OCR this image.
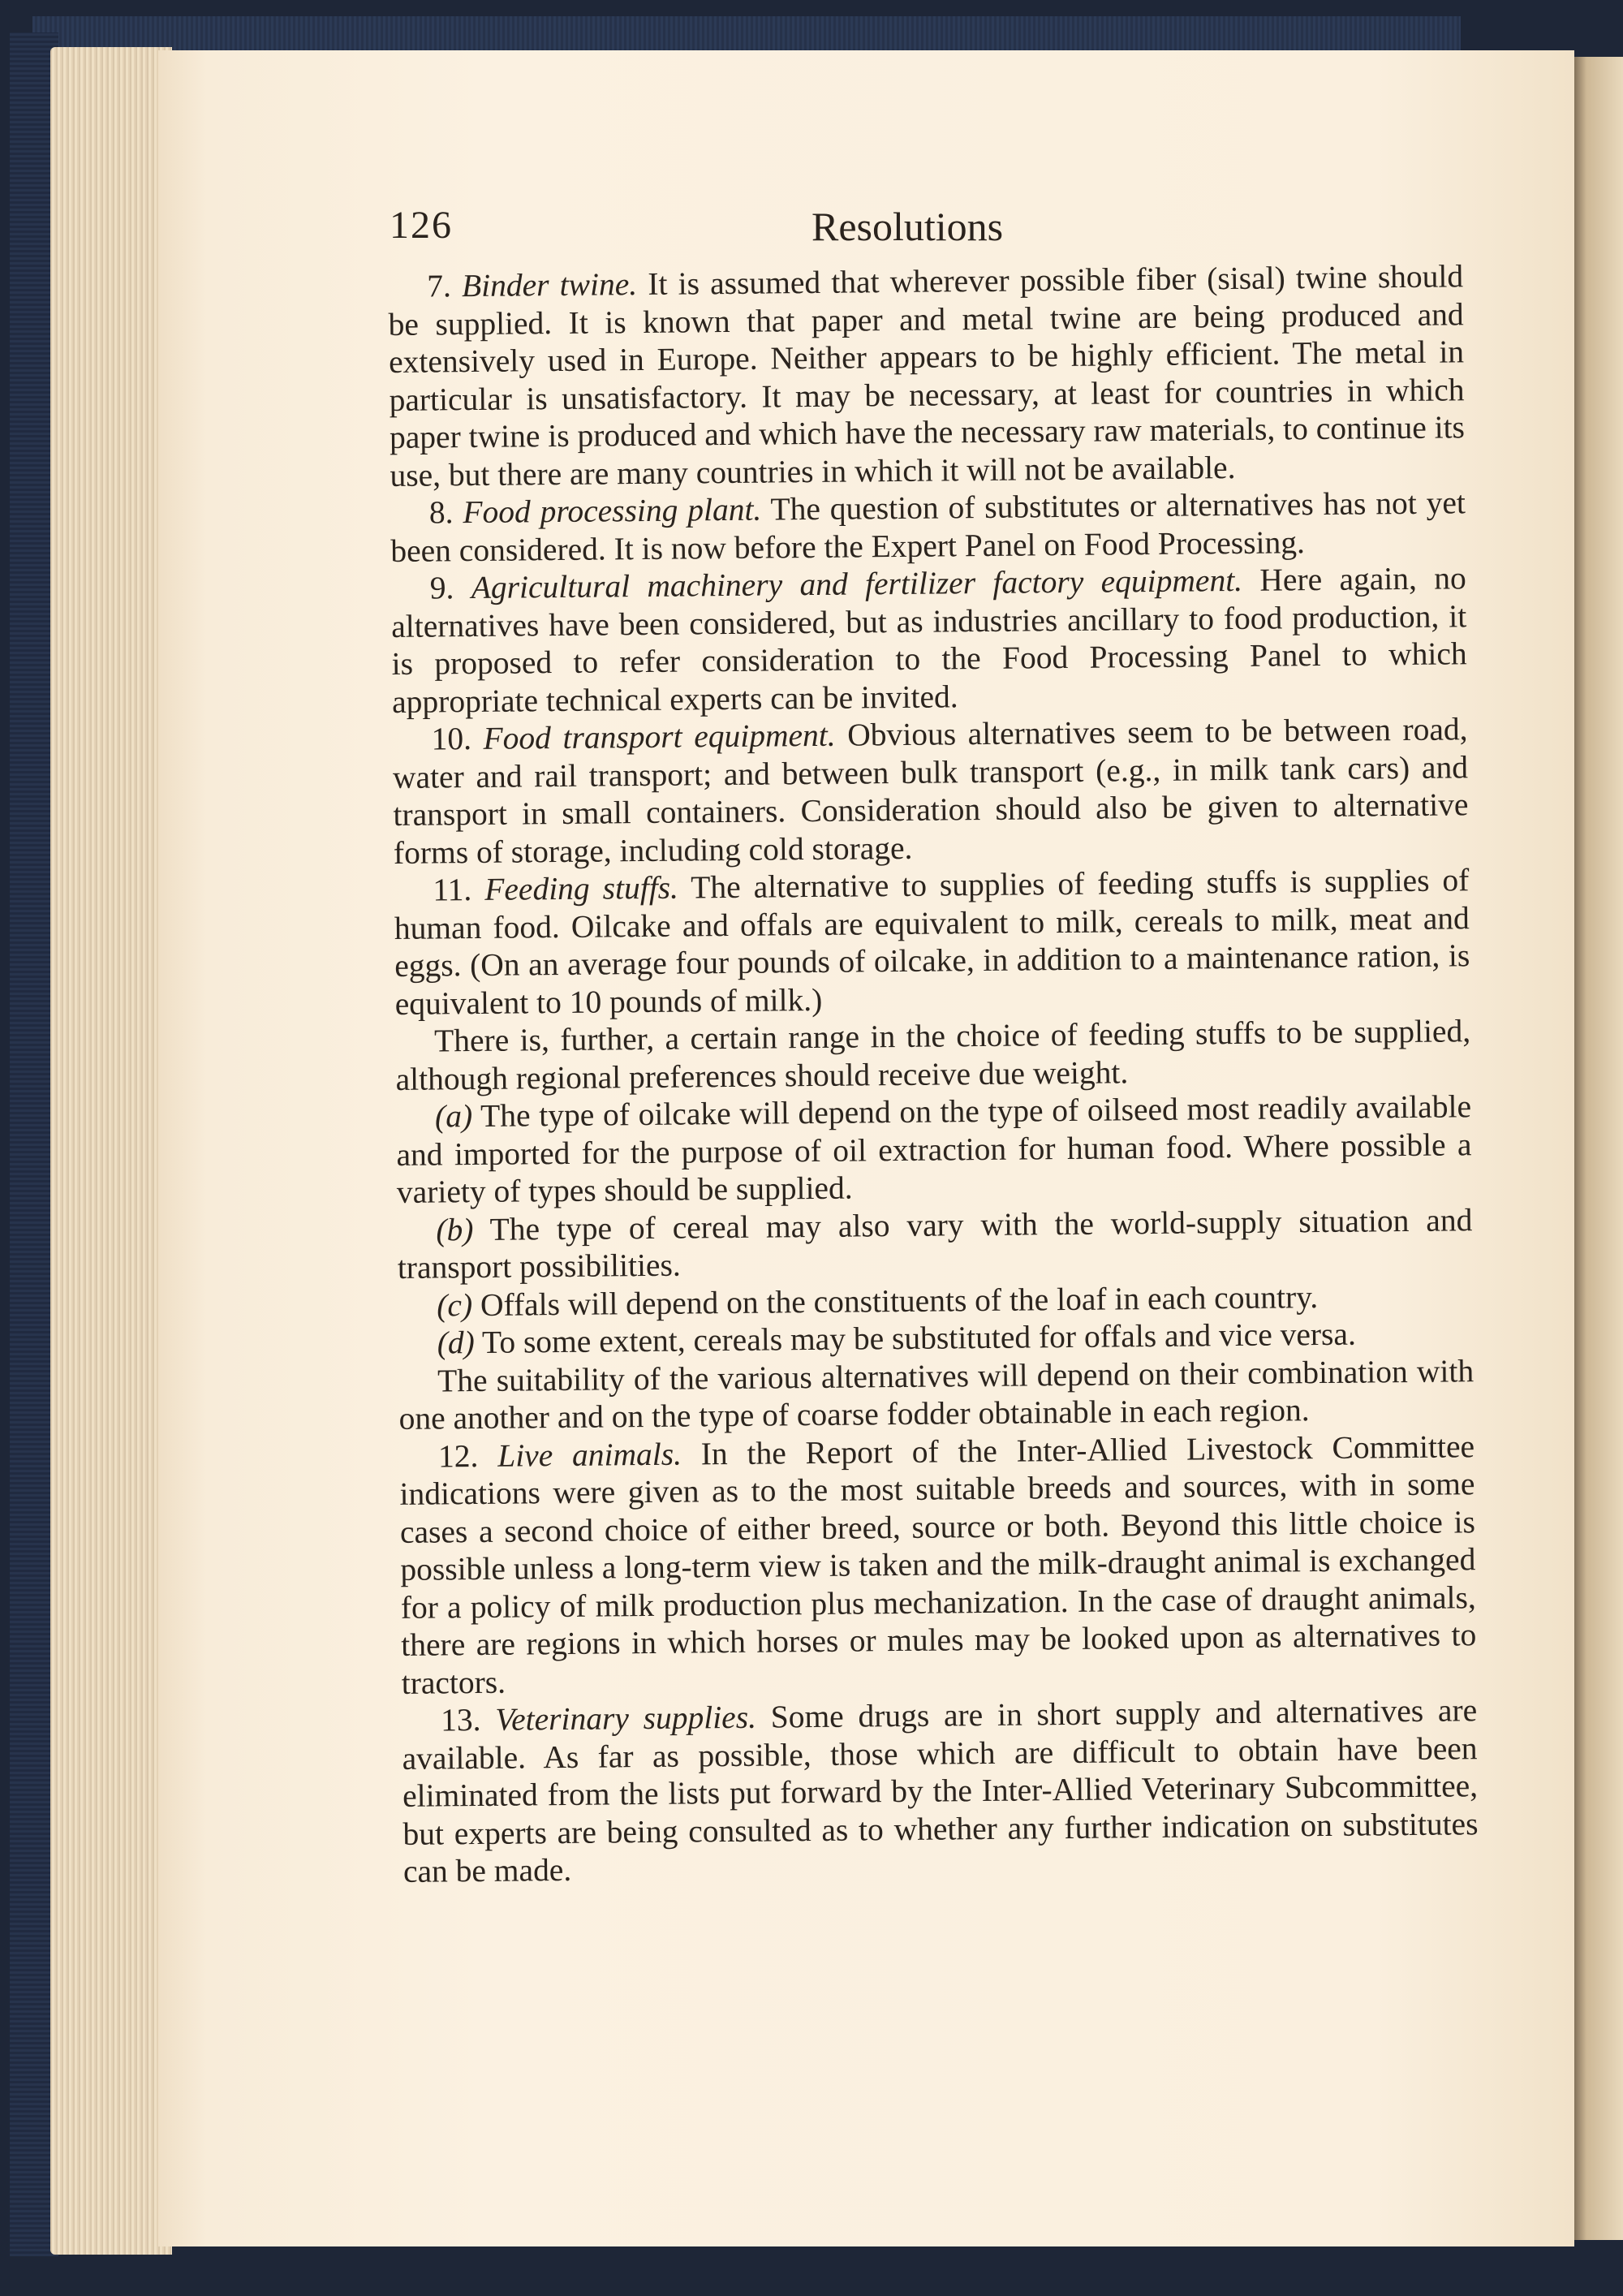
126	Resolutions

7. Binder twine. It is assumed that wherever possible fiber (sisal) twine should be supplied. It is known that paper and metal twine are being produced and extensively used in Europe. Neither appears to be highly efficient. The metal in particular is unsatisfactory. It may be necessary, at least for countries in which paper twine is produced and which have the necessary raw materials, to continue its use, but there are many countries in which it will not be available.

8. Food processing plant. The question of substitutes or alternatives has not yet been considered. It is now before the Expert Panel on Food Processing.

9. Agricultural machinery and fertilizer factory equipment. Here again, no alternatives have been considered, but as industries ancillary to food production, it is proposed to refer consideration to the Food Processing Panel to which appropriate technical experts can be invited.

10. Food transport equipment. Obvious alternatives seem to be between road, water and rail transport; and between bulk transport (e.g., in milk tank cars) and transport in small containers. Consideration should also be given to alternative forms of storage, including cold storage.

11. Feeding stuffs. The alternative to supplies of feeding stuffs is supplies of human food. Oilcake and offals are equivalent to milk, cereals to milk, meat and eggs. (On an average four pounds of oilcake, in addition to a maintenance ration, is equivalent to 10 pounds of milk.)

There is, further, a certain range in the choice of feeding stuffs to be supplied, although regional preferences should receive due weight.

(a) The type of oilcake will depend on the type of oilseed most readily available and imported for the purpose of oil extraction for human food. Where possible a variety of types should be supplied.

(b) The type of cereal may also vary with the world-supply situation and transport possibilities.

(c) Offals will depend on the constituents of the loaf in each country.

(d) To some extent, cereals may be substituted for offals and vice versa.

The suitability of the various alternatives will depend on their combination with one another and on the type of coarse fodder obtainable in each region.

12. Live animals. In the Report of the Inter-Allied Livestock Committee indications were given as to the most suitable breeds and sources, with in some cases a second choice of either breed, source or both. Beyond this little choice is possible unless a long-term view is taken and the milk-draught animal is exchanged for a policy of milk production plus mechanization. In the case of draught animals, there are regions in which horses or mules may be looked upon as alternatives to tractors.

13. Veterinary supplies. Some drugs are in short supply and alternatives are available. As far as possible, those which are difficult to obtain have been eliminated from the lists put forward by the Inter-Allied Veterinary Subcommittee, but experts are being consulted as to whether any further indication on substitutes can be made.
